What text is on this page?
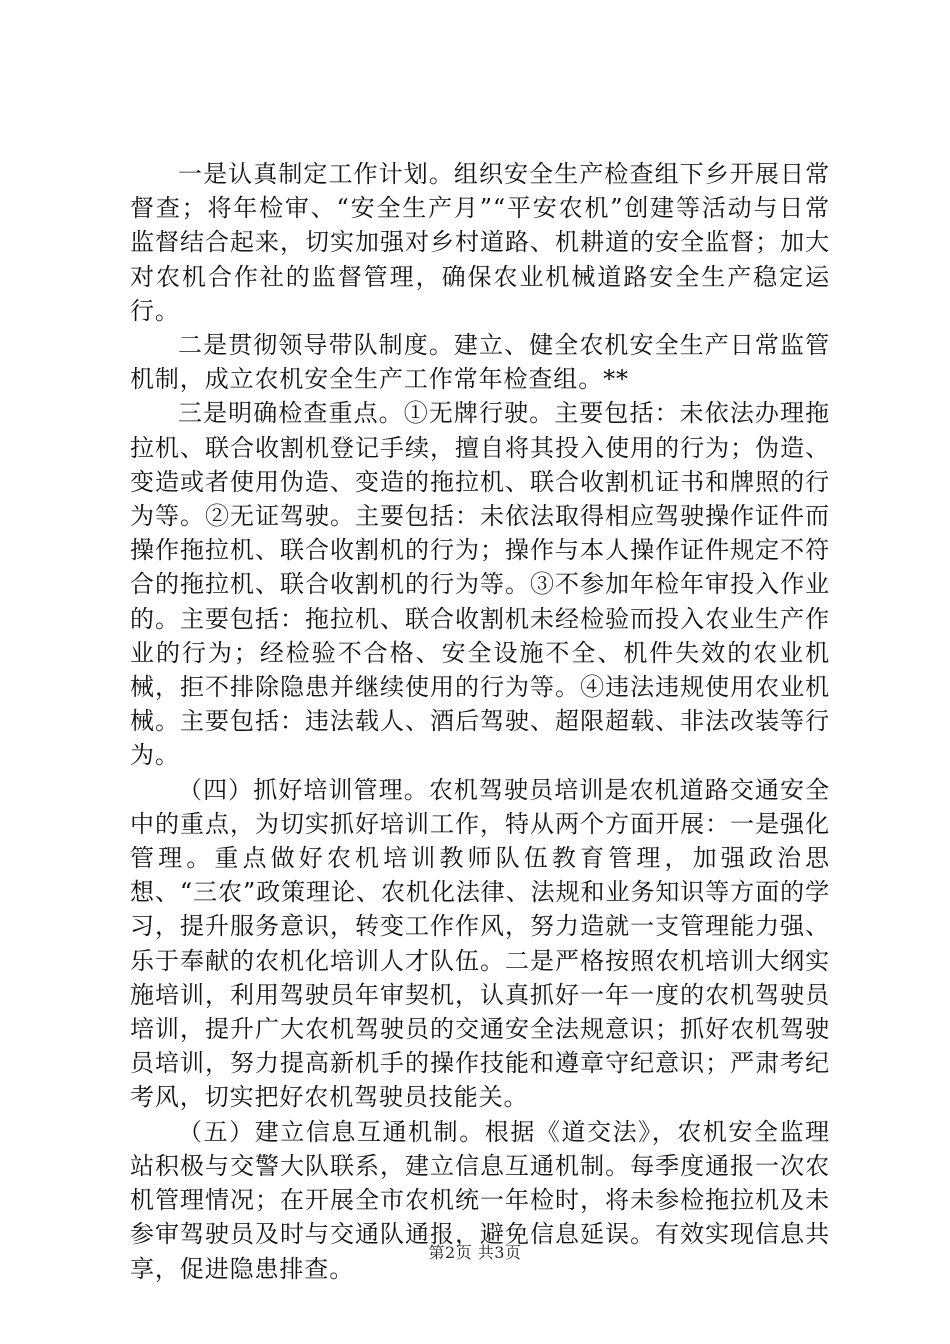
一是认真制定工作计划。组织安全生产检查组下乡开展日常督查；将年检审、“安全生产月”“平安农机”创建等活动与日常监督结合起来，切实加强对乡村道路、机耕道的安全监督；加大对农机合作社的监督管理，确保农业机械道路安全生产稳定运行。

二是贯彻领导带队制度。建立、健全农机安全生产日常监管机制，成立农机安全生产工作常年检查组。**

三是明确检查重点。①无牌行驶。主要包括：未依法办理拖拉机、联合收割机登记手续，擅自将其投入使用的行为；伪造、变造或者使用伪造、变造的拖拉机、联合收割机证书和牌照的行为等。②无证驾驶。主要包括：未依法取得相应驾驶操作证件而操作拖拉机、联合收割机的行为；操作与本人操作证件规定不符合的拖拉机、联合收割机的行为等。③不参加年检年审投入作业的。主要包括：拖拉机、联合收割机未经检验而投入农业生产作业的行为；经检验不合格、安全设施不全、机件失效的农业机械，拒不排除隐患并继续使用的行为等。④违法违规使用农业机械。主要包括：违法载人、酒后驾驶、超限超载、非法改装等行为。

（四）抓好培训管理。农机驾驶员培训是农机道路交通安全中的重点，为切实抓好培训工作，特从两个方面开展：一是强化管理。重点做好农机培训教师队伍教育管理，加强政治思想、“三农”政策理论、农机化法律、法规和业务知识等方面的学习，提升服务意识，转变工作作风，努力造就一支管理能力强、乐于奉献的农机化培训人才队伍。二是严格按照农机培训大纲实施培训，利用驾驶员年审契机，认真抓好一年一度的农机驾驶员培训，提升广大农机驾驶员的交通安全法规意识；抓好农机驾驶员培训，努力提高新机手的操作技能和遵章守纪意识；严肃考纪考风，切实把好农机驾驶员技能关。

（五）建立信息互通机制。根据《道交法》，农机安全监理站积极与交警大队联系，建立信息互通机制。每季度通报一次农机管理情况；在开展全市农机统一年检时，将未参检拖拉机及未参审驾驶员及时与交通队通报，避免信息延误。有效实现信息共享，促进隐患排查。

第2页 共3页
